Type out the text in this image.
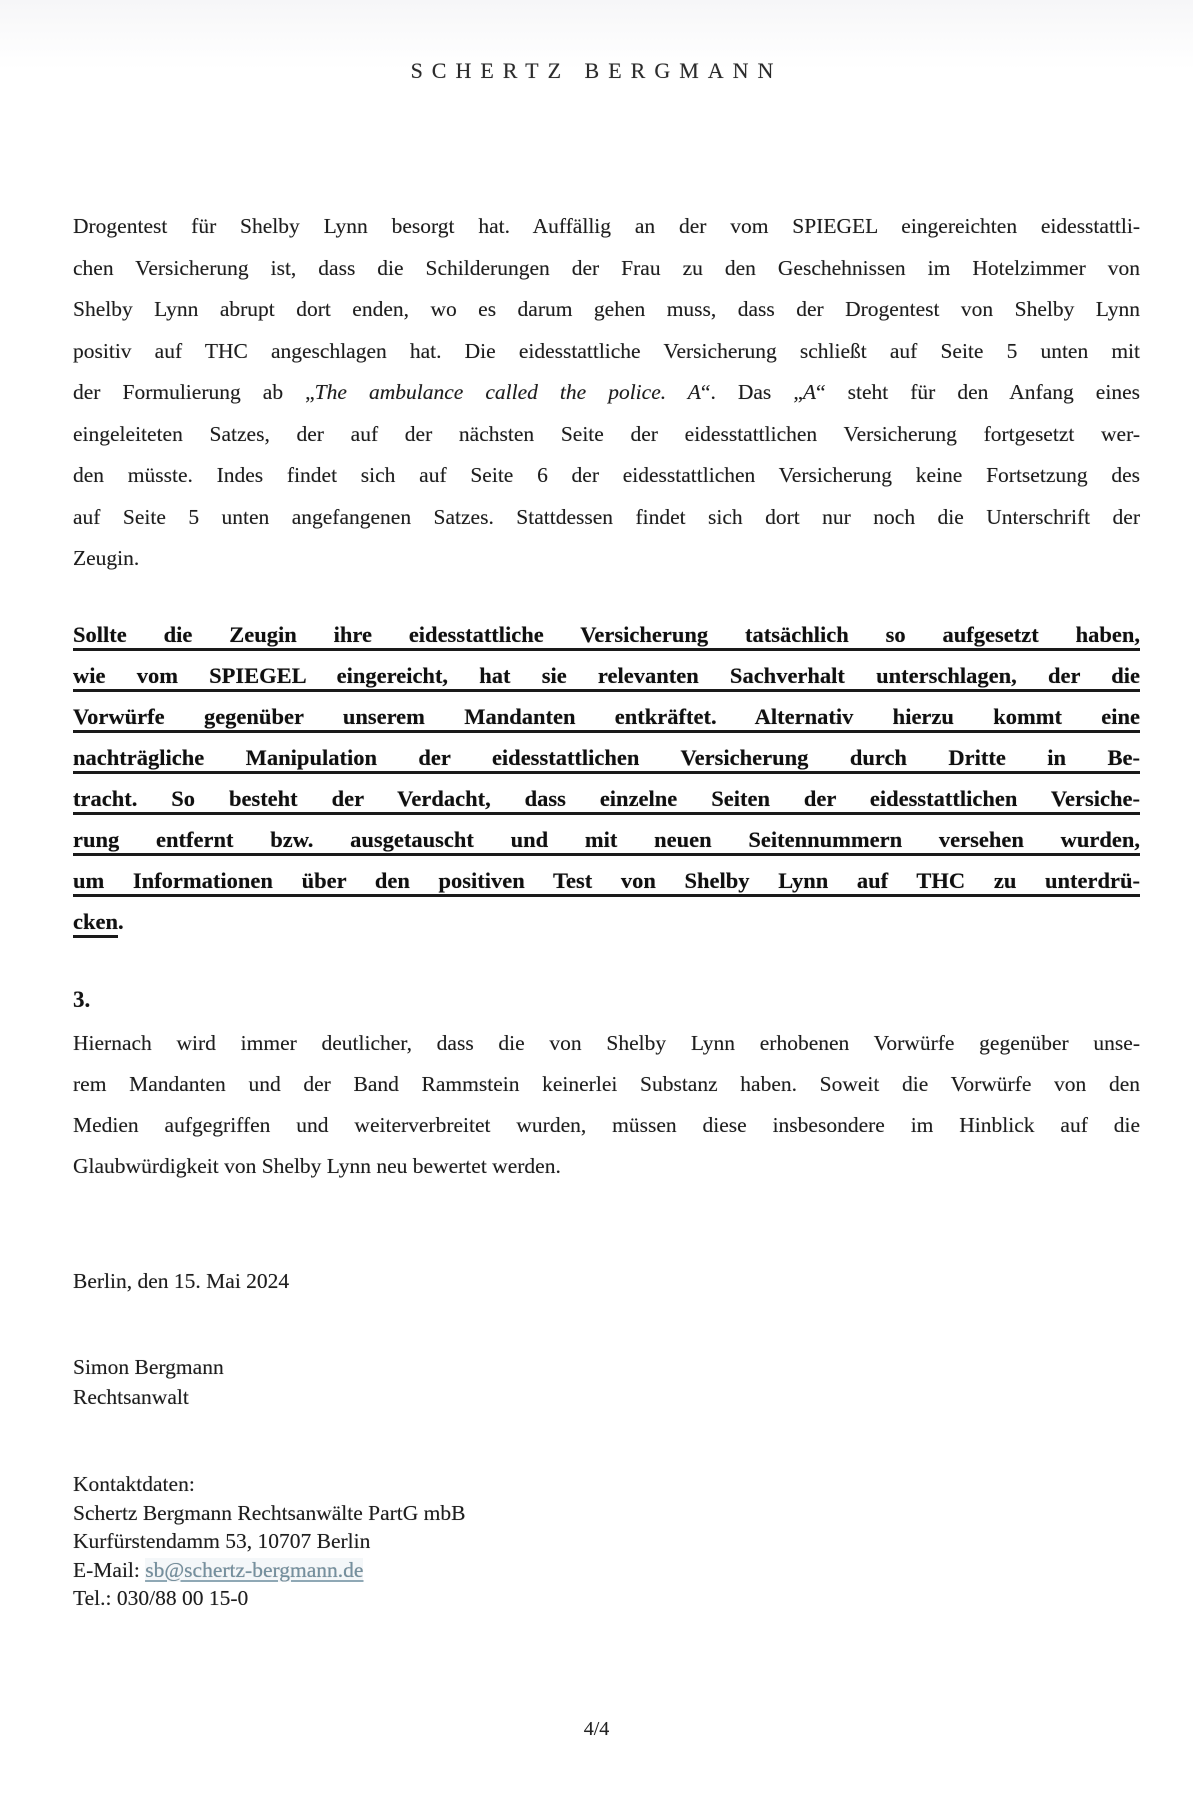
SCHERTZ BERGMANN
Drogentest für Shelby Lynn besorgt hat. Auffällig an der vom SPIEGEL eingereichten eidesstattli-
chen Versicherung ist, dass die Schilderungen der Frau zu den Geschehnissen im Hotelzimmer von
Shelby Lynn abrupt dort enden, wo es darum gehen muss, dass der Drogentest von Shelby Lynn
positiv auf THC angeschlagen hat. Die eidesstattliche Versicherung schließt auf Seite 5 unten mit
der Formulierung ab „The ambulance called the police. A“. Das „A“ steht für den Anfang eines
eingeleiteten Satzes, der auf der nächsten Seite der eidesstattlichen Versicherung fortgesetzt wer-
den müsste. Indes findet sich auf Seite 6 der eidesstattlichen Versicherung keine Fortsetzung des
auf Seite 5 unten angefangenen Satzes. Stattdessen findet sich dort nur noch die Unterschrift der
Zeugin.
Sollte die Zeugin ihre eidesstattliche Versicherung tatsächlich so aufgesetzt haben,
wie vom SPIEGEL eingereicht, hat sie relevanten Sachverhalt unterschlagen, der die
Vorwürfe gegenüber unserem Mandanten entkräftet. Alternativ hierzu kommt eine
nachträgliche Manipulation der eidesstattlichen Versicherung durch Dritte in Be-
tracht. So besteht der Verdacht, dass einzelne Seiten der eidesstattlichen Versiche-
rung entfernt bzw. ausgetauscht und mit neuen Seitennummern versehen wurden,
um Informationen über den positiven Test von Shelby Lynn auf THC zu unterdrü-
cken.
3.
Hiernach wird immer deutlicher, dass die von Shelby Lynn erhobenen Vorwürfe gegenüber unse-
rem Mandanten und der Band Rammstein keinerlei Substanz haben. Soweit die Vorwürfe von den
Medien aufgegriffen und weiterverbreitet wurden, müssen diese insbesondere im Hinblick auf die
Glaubwürdigkeit von Shelby Lynn neu bewertet werden.
Berlin, den 15. Mai 2024
Simon Bergmann
Rechtsanwalt
Kontaktdaten:
Schertz Bergmann Rechtsanwälte PartG mbB
Kurfürstendamm 53, 10707 Berlin
E-Mail: sb@schertz-bergmann.de
Tel.: 030/88 00 15-0
4/4
